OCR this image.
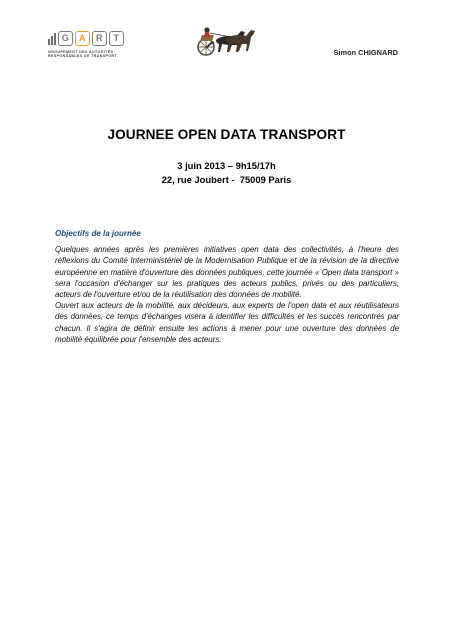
G	A	R	T
GROUPEMENT DES AUTORITÉS
RESPONSABLES DE TRANSPORT	Simon CHIGNARD
JOURNEE OPEN DATA TRANSPORT
3 juin 2013 – 9h15/17h
22, rue Joubert -  75009 Paris
Objectifs de la journée
Quelques années après les premières initiatives open data des collectivités, à l'heure des réflexions du Comité Interministériel de la Modernisation Publique et de la révision de la directive européenne en matière d'ouverture des données publiques, cette journée « Open data transport » sera l'occasion d'échanger sur les pratiques des acteurs publics, privés ou des particuliers, acteurs de l'ouverture et/ou de la réutilisation des données de mobilité.
Ouvert aux acteurs de la mobilité, aux décideurs, aux experts de l'open data et aux réutilisateurs des données, ce temps d'échanges visera à identifier les difficultés et les succès rencontrés par chacun. Il s'agira de définir ensuite les actions à mener pour une ouverture des données de mobilité équilibrée pour l'ensemble des acteurs.
